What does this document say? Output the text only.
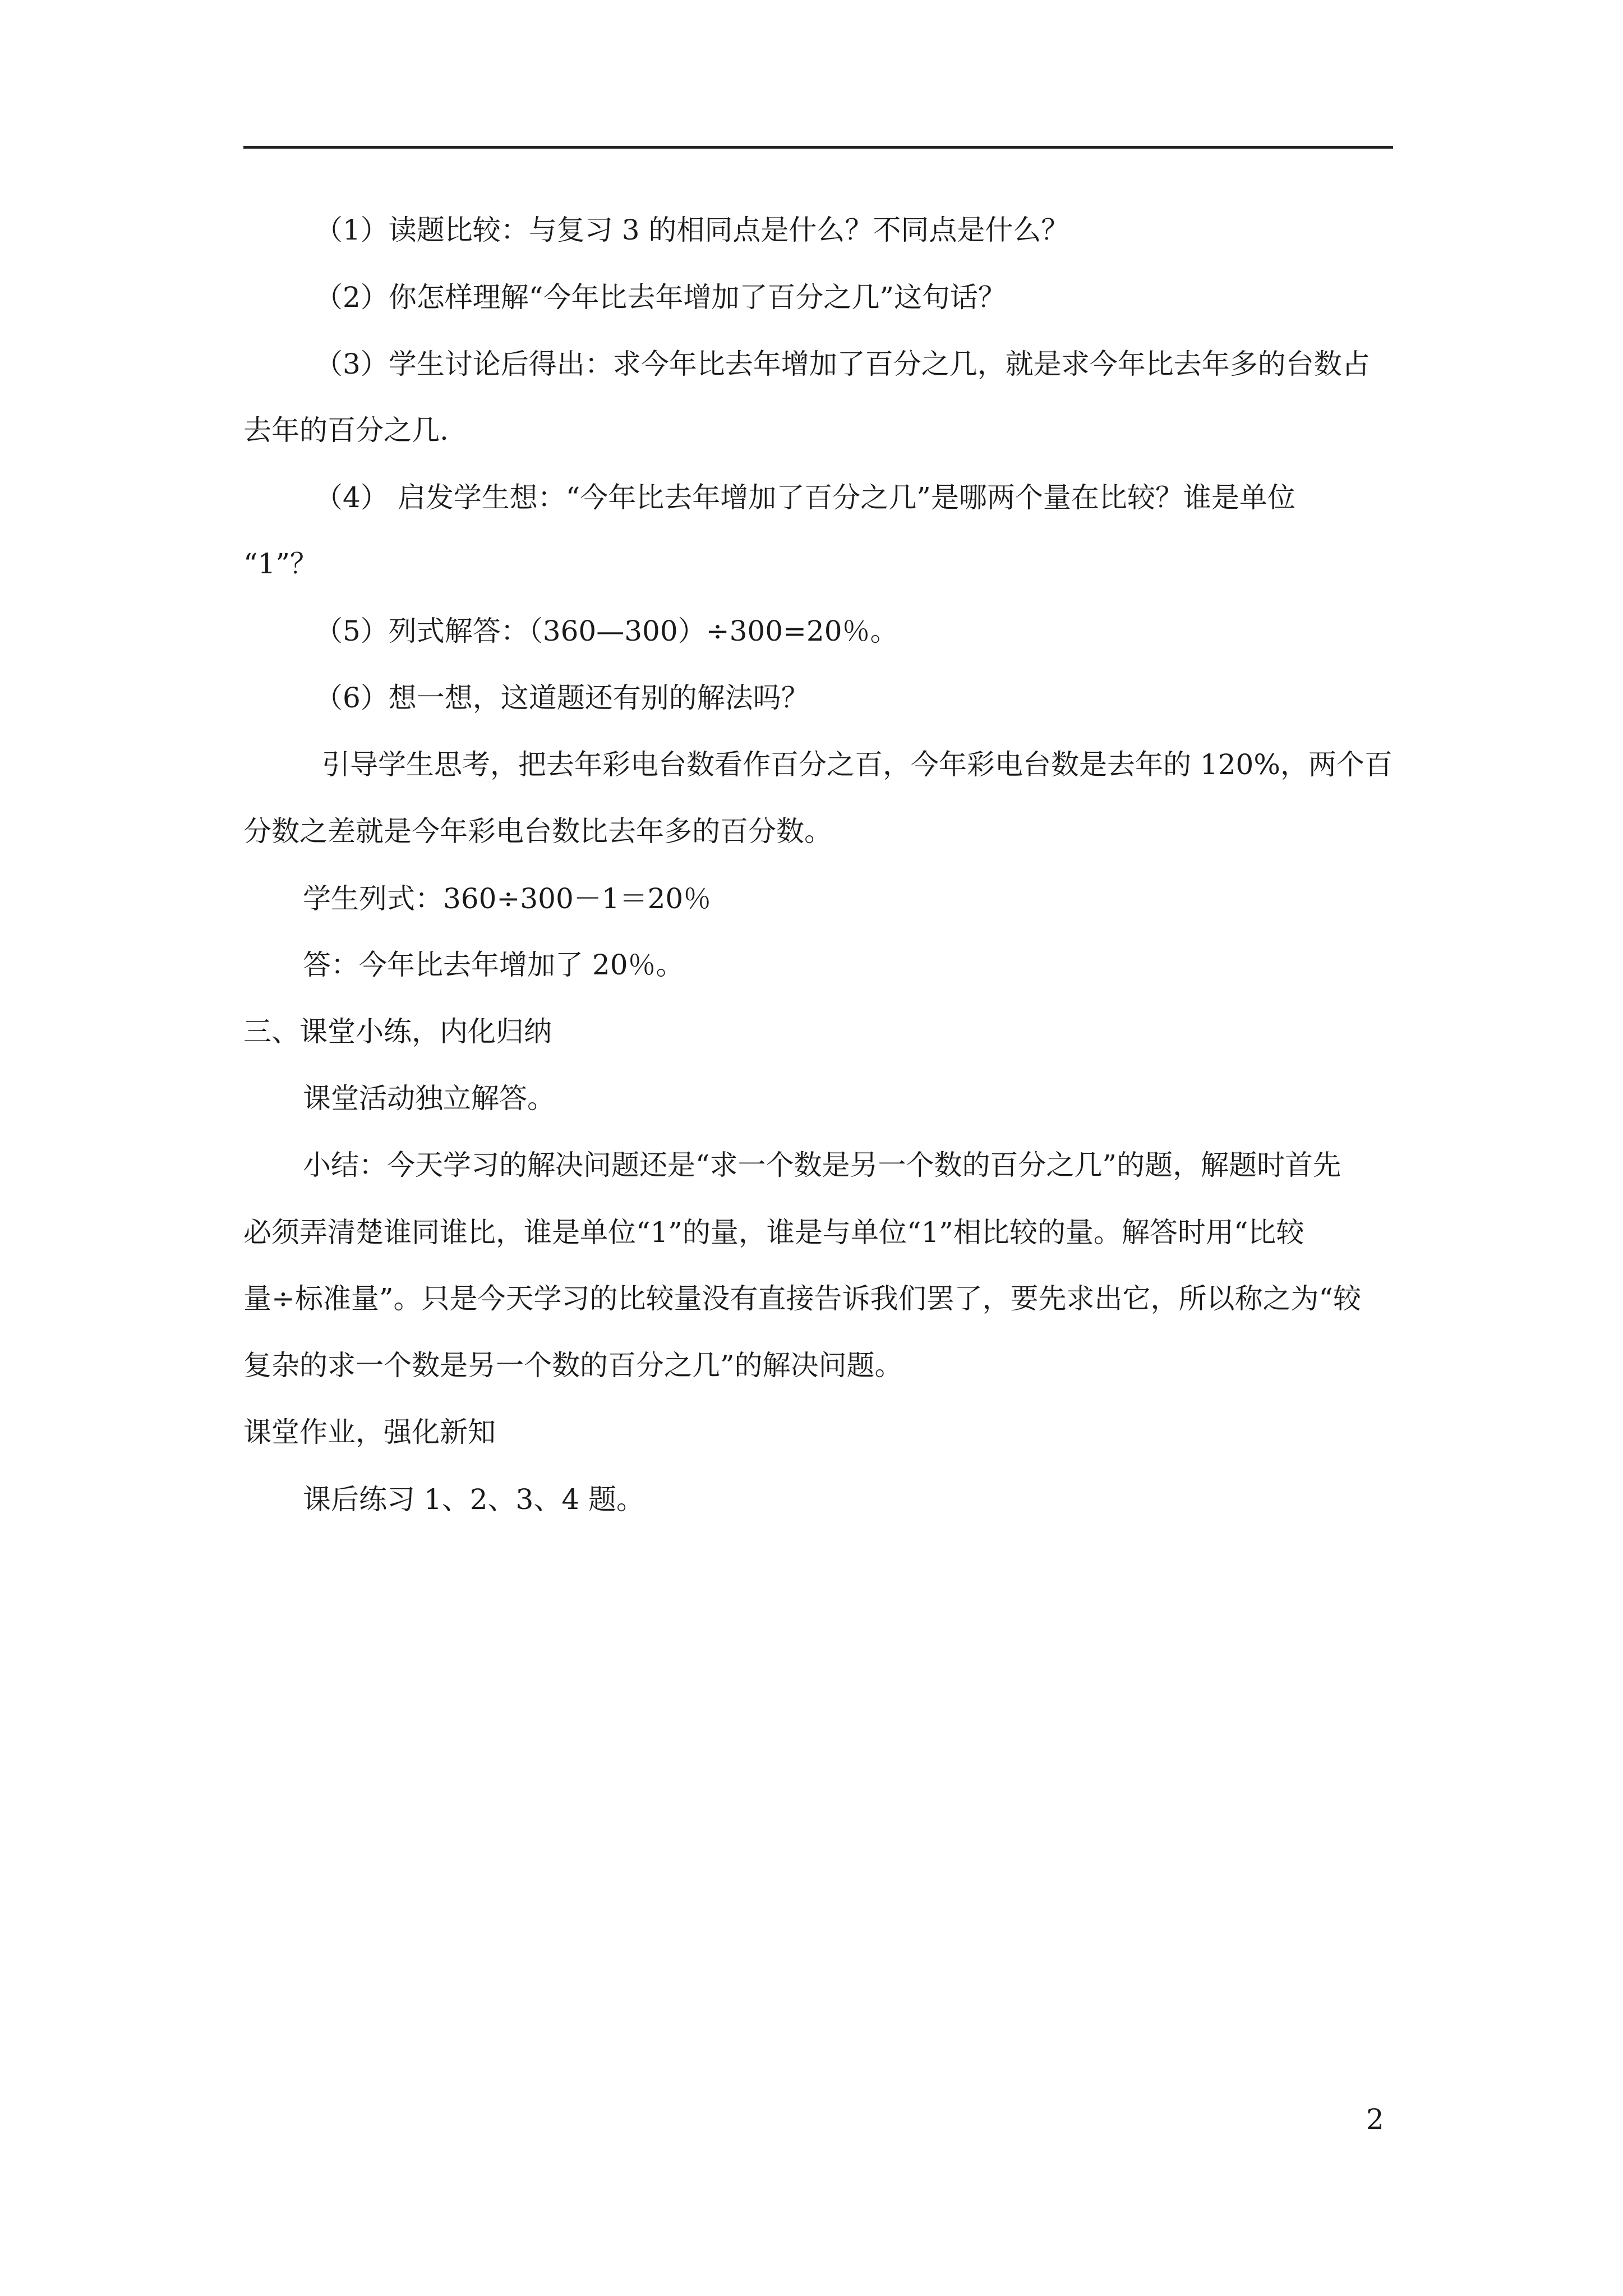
（1）读题比较：与复习 3 的相同点是什么？不同点是什么？
（2）你怎样理解“今年比去年增加了百分之几”这句话？
（3）学生讨论后得出：求今年比去年增加了百分之几，就是求今年比去年多的台数占
去年的百分之几.
（4） 启发学生想：“今年比去年增加了百分之几”是哪两个量在比较？谁是单位
“1”？
（5）列式解答：（360—300）÷300=20％。
（6）想一想，这道题还有别的解法吗？
引导学生思考，把去年彩电台数看作百分之百，今年彩电台数是去年的 120%，两个百
分数之差就是今年彩电台数比去年多的百分数。
学生列式：360÷300－1＝20％
答：今年比去年增加了 20％。
三、课堂小练，内化归纳
课堂活动独立解答。
小结：今天学习的解决问题还是“求一个数是另一个数的百分之几”的题，解题时首先
必须弄清楚谁同谁比，谁是单位“1”的量，谁是与单位“1”相比较的量。解答时用“比较
量÷标准量”。只是今天学习的比较量没有直接告诉我们罢了，要先求出它，所以称之为“较
复杂的求一个数是另一个数的百分之几”的解决问题。
课堂作业，强化新知
课后练习 1、2、3、4 题。
2
